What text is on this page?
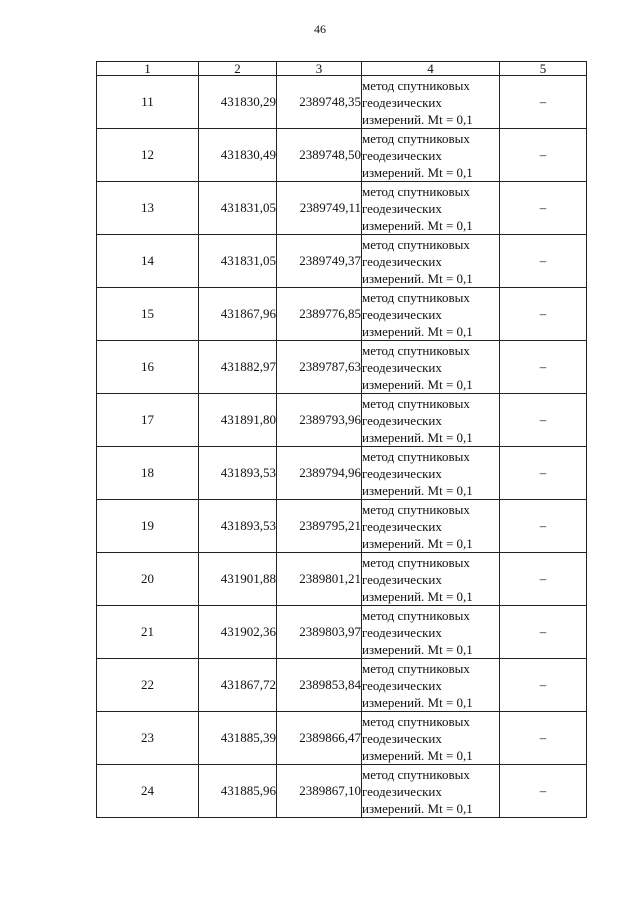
46
1	2	3	4	5
11	431830,29	2389748,35	метод спутниковых
геодезических
измерений. Mt = 0,1	–
12	431830,49	2389748,50	метод спутниковых
геодезических
измерений. Mt = 0,1	–
13	431831,05	2389749,11	метод спутниковых
геодезических
измерений. Mt = 0,1	–
14	431831,05	2389749,37	метод спутниковых
геодезических
измерений. Mt = 0,1	–
15	431867,96	2389776,85	метод спутниковых
геодезических
измерений. Mt = 0,1	–
16	431882,97	2389787,63	метод спутниковых
геодезических
измерений. Mt = 0,1	–
17	431891,80	2389793,96	метод спутниковых
геодезических
измерений. Mt = 0,1	–
18	431893,53	2389794,96	метод спутниковых
геодезических
измерений. Mt = 0,1	–
19	431893,53	2389795,21	метод спутниковых
геодезических
измерений. Mt = 0,1	–
20	431901,88	2389801,21	метод спутниковых
геодезических
измерений. Mt = 0,1	–
21	431902,36	2389803,97	метод спутниковых
геодезических
измерений. Mt = 0,1	–
22	431867,72	2389853,84	метод спутниковых
геодезических
измерений. Mt = 0,1	–
23	431885,39	2389866,47	метод спутниковых
геодезических
измерений. Mt = 0,1	–
24	431885,96	2389867,10	метод спутниковых
геодезических
измерений. Mt = 0,1	–
